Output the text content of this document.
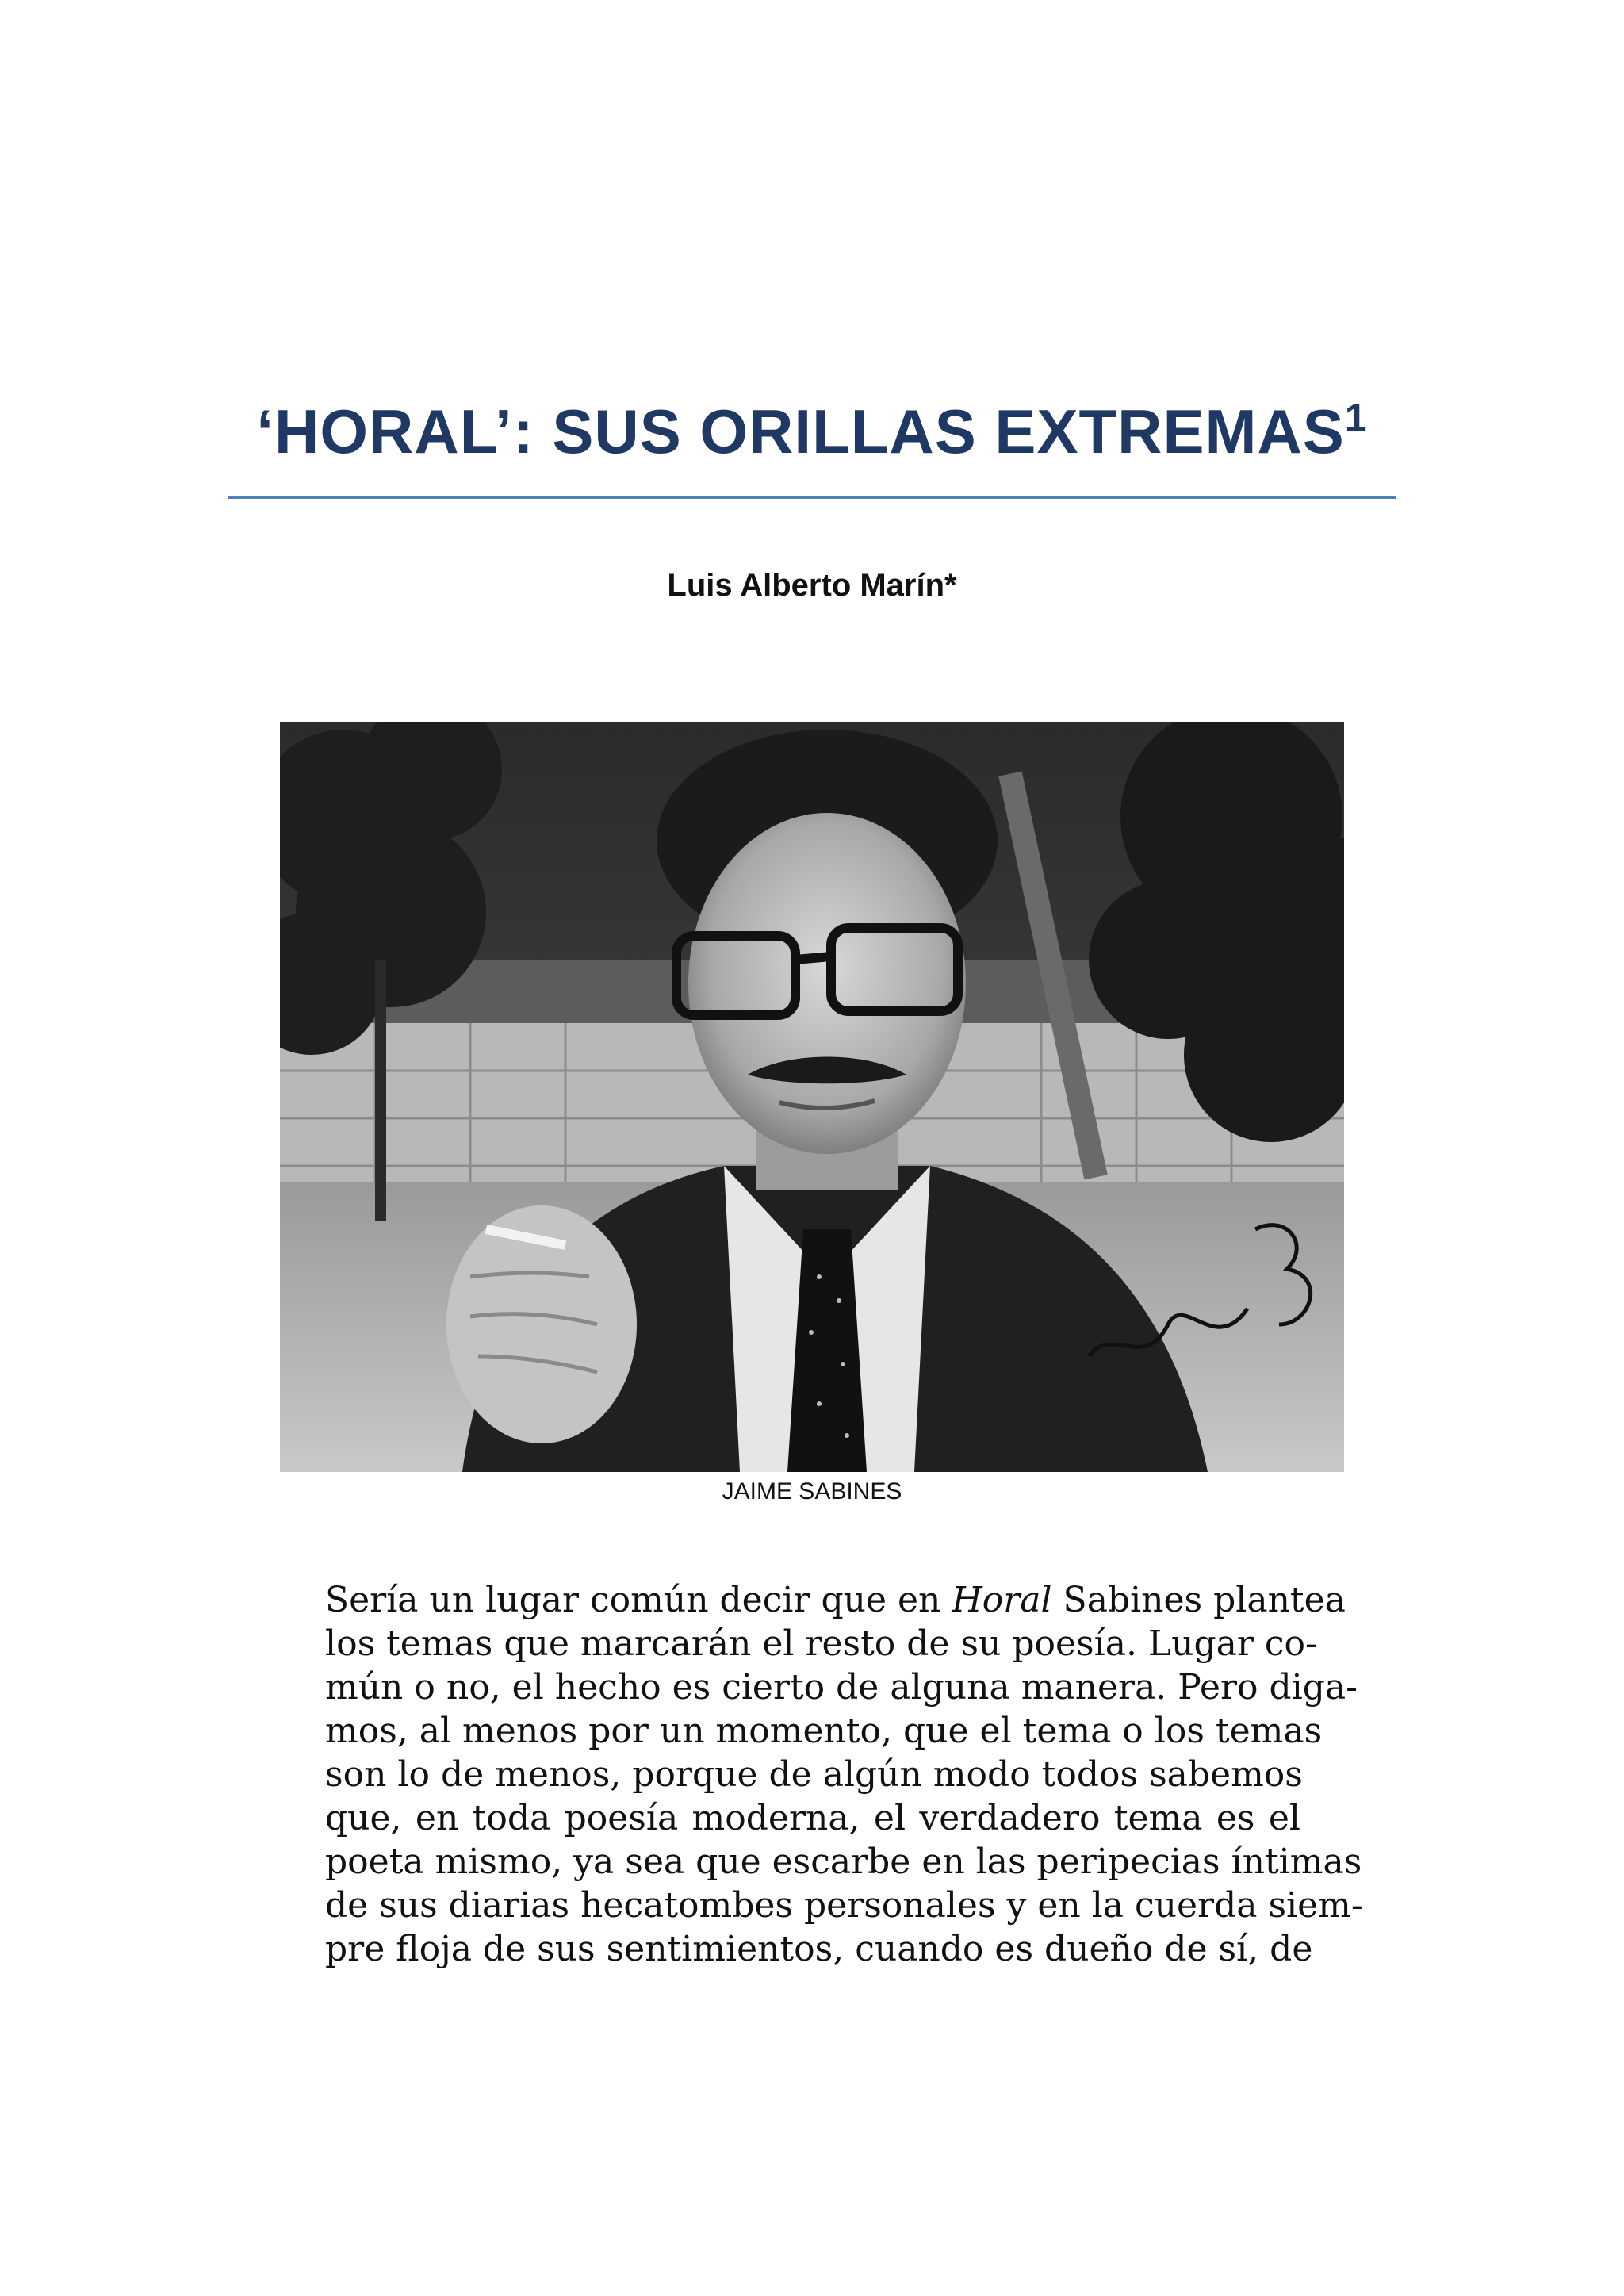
‘HORAL’: SUS ORILLAS EXTREMAS$^1$

Luis Alberto Marín*

JAIME SABINES
Sería un lugar común decir que en Horal Sabines plantea
los temas que marcarán el resto de su poesía. Lugar co-
mún o no, el hecho es cierto de alguna manera. Pero diga-
mos, al menos por un momento, que el tema o los temas
son lo de menos, porque de algún modo todos sabemos
que, en toda poesía moderna, el verdadero tema es el
poeta mismo, ya sea que escarbe en las peripecias íntimas
de sus diarias hecatombes personales y en la cuerda siem-
pre floja de sus sentimientos, cuando es dueño de sí, de
